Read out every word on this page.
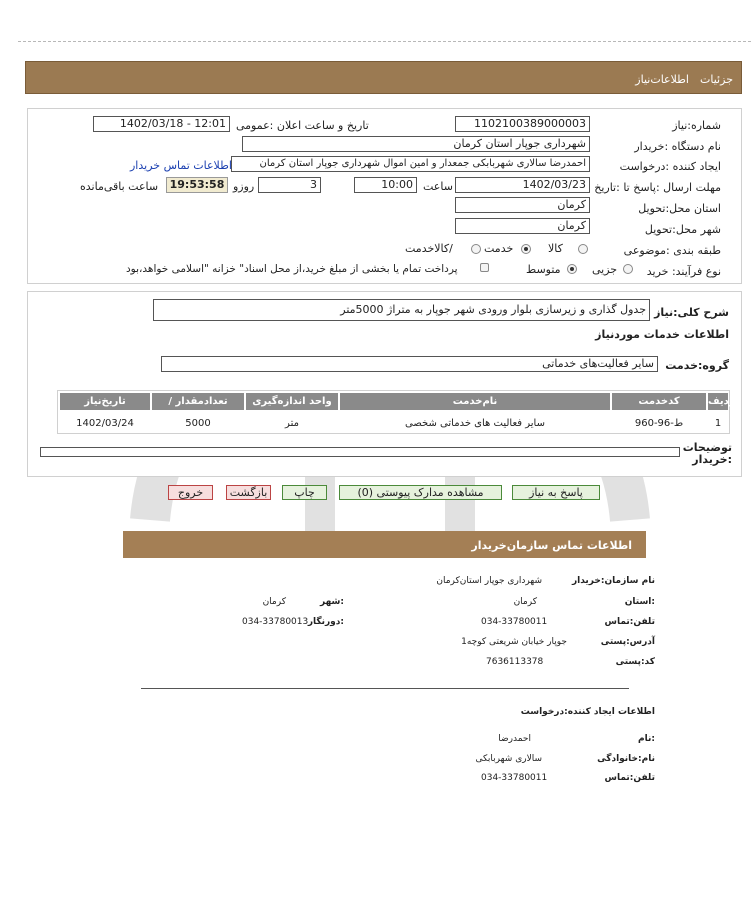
جزئیات
اطلاعات‌نیاز
شماره:نیاز
1102100389000003
تاریخ و ساعت اعلان :عمومی
1402/03/18 - 12:01
نام دستگاه :خریدار
شهرداری جوپار استان کرمان
ایجاد کننده :درخواست
احمدرضا سالاری شهربابکی جمعدار و امین اموال شهرداری جوپار استان کرمان
اطلاعات تماس خریدار
مهلت ارسال :پاسخ تا :تاریخ
1402/03/23
ساعت
10:00
3
روزو
19:53:58
ساعت باقی‌مانده
استان محل:تحویل
کرمان
شهر محل:تحویل
کرمان
طبقه بندی :موضوعی
کالا
خدمت
/کالاخدمت
نوع فرآیند: خرید
جزیی
متوسط
پرداخت تمام یا بخشی از مبلغ خرید،از محل اسناد" خزانه "اسلامی خواهد،بود
شرح کلی:نیاز
جدول گذاری و زیرسازی بلوار ورودی شهر جوپار به متراژ 5000متر
اطلاعات خدمات موردنیاز
گروه:خدمت
سایر فعالیت‌های خدماتی
ردیف
کدخدمت
نام‌خدمت
واحد اندازه‌گیری
/ تعدادمقدار
تاریخ‌نیاز
1
ط-96-960
سایر فعالیت های خدماتی شخصی
متر
5000
1402/03/24
توضیحات :خریدار
پاسخ به نیاز
مشاهده مدارک پیوستی (0)
چاپ
بازگشت
خروج
اطلاعات تماس سازمان‌خریدار
نام سازمان:خریدار
شهرداری جوپار استان‌کرمان
:استان
کرمان
:شهر
کرمان
تلفن:تماس
034-33780011
:دورنگار
034-33780013
آدرس:پستی
جوپار خیابان شریعتی کوچه1
کد:پستی
7636113378
اطلاعات ایجاد کننده:درخواست
:نام
احمدرضا
نام:خانوادگی
سالاری شهربابکی
تلفن:تماس
034-33780011
